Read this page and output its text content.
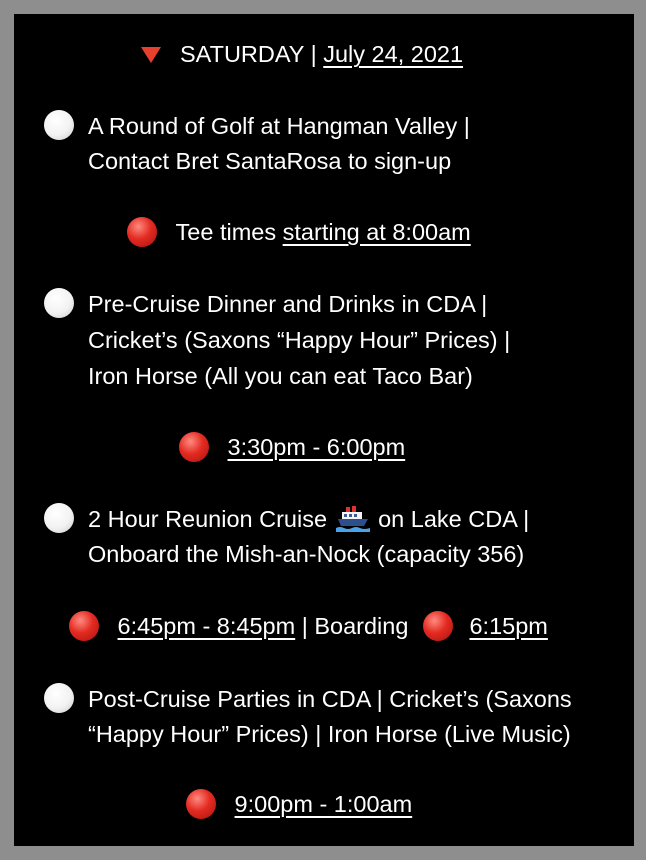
SATURDAY | July 24, 2021
A Round of Golf at Hangman Valley |
Contact Bret SantaRosa to sign-up
Tee times starting at 8:00am
Pre-Cruise Dinner and Drinks in CDA |
Cricket’s (Saxons “Happy Hour” Prices) |
Iron Horse (All you can eat Taco Bar)
3:30pm - 6:00pm
2 Hour Reunion Cruise on Lake CDA |
Onboard the Mish-an-Nock (capacity 356)
6:45pm - 8:45pm | Boarding	6:15pm
Post-Cruise Parties in CDA | Cricket’s (Saxons
“Happy Hour” Prices) | Iron Horse (Live Music)
9:00pm - 1:00am
